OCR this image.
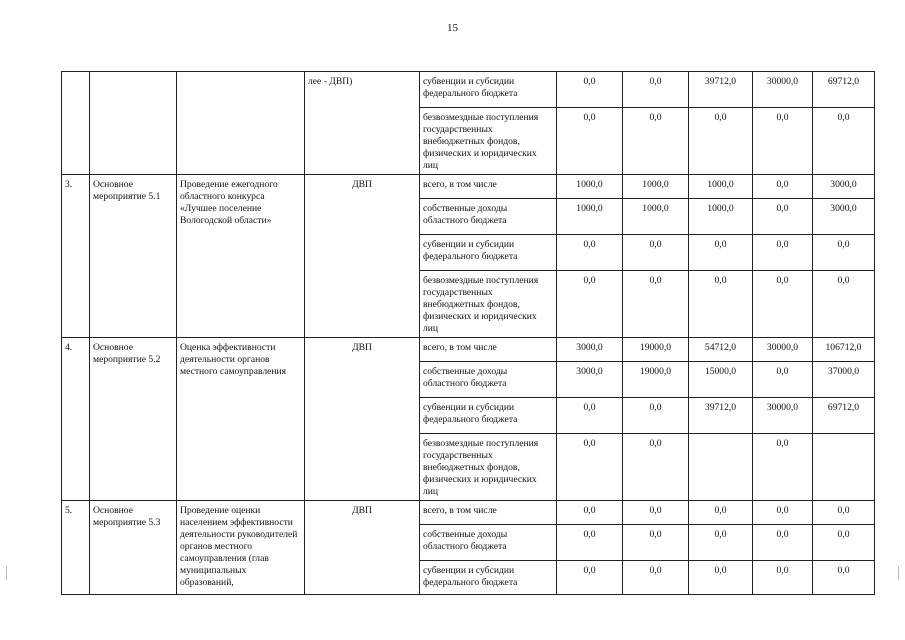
15
			лее - ДВП)	субвенции и субсидии федерального бюджета	0,0	0,0	39712,0	30000,0	69712,0
				безвозмездные поступления государственных внебюджетных фондов, физических и юридических лиц	0,0	0,0	0,0	0,0	0,0
3.	Основное мероприятие 5.1	Проведение ежегодного областного конкурса «Лучшее поселение Вологодской области»	ДВП	всего, в том числе	1000,0	1000,0	1000,0	0,0	3000,0
				собственные доходы областного бюджета	1000,0	1000,0	1000,0	0,0	3000,0
				субвенции и субсидии федерального бюджета	0,0	0,0	0,0	0,0	0,0
				безвозмездные поступления государственных внебюджетных фондов, физических и юридических лиц	0,0	0,0	0,0	0,0	0,0
4.	Основное мероприятие 5.2	Оценка эффективности деятельности органов местного самоуправления	ДВП	всего, в том числе	3000,0	19000,0	54712,0	30000,0	106712,0
				собственные доходы областного бюджета	3000,0	19000,0	15000,0	0,0	37000,0
				субвенции и субсидии федерального бюджета	0,0	0,0	39712,0	30000,0	69712,0
				безвозмездные поступления государственных внебюджетных фондов, физических и юридических лиц	0,0	0,0		0,0	
5.	Основное мероприятие 5.3	Проведение оценки населением эффективности деятельности руководителей органов местного самоуправления (глав муниципальных образований,	ДВП	всего, в том числе	0,0	0,0	0,0	0,0	0,0
				собственные доходы областного бюджета	0,0	0,0	0,0	0,0	0,0
				субвенции и субсидии федерального бюджета	0,0	0,0	0,0	0,0	0,0
